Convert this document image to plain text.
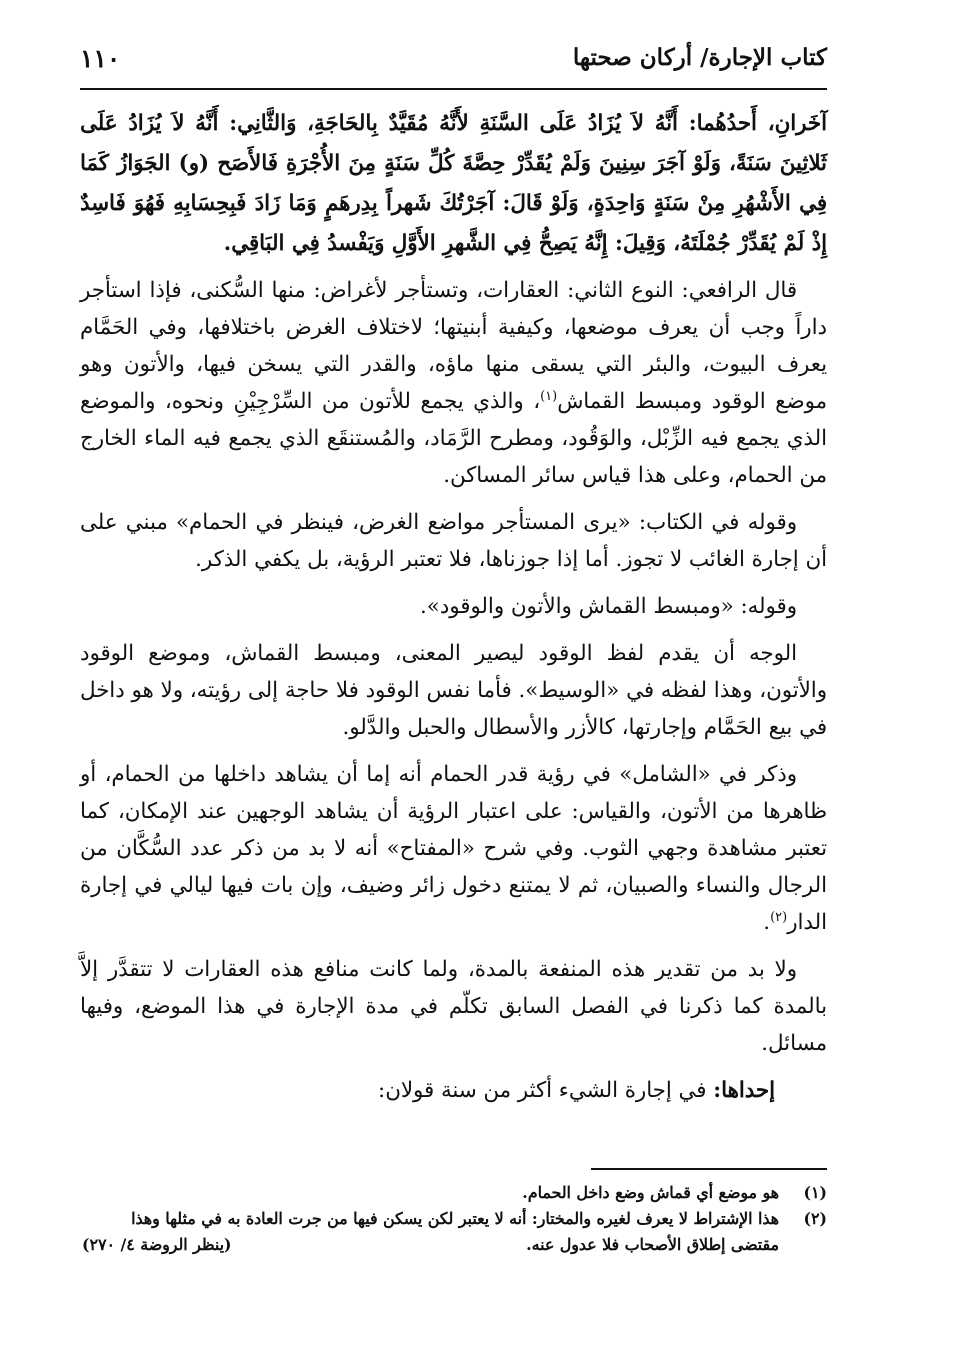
كتاب الإجارة/ أركان صحتها
١١٠

آخَرانِ، أَحدُهُما: أَنَّهُ لاَ يُزَادُ عَلَى السَّنَةِ لأَنَّهُ مُقَيَّدٌ بِالحَاجَةِ، وَالثَّانِي: أَنَّهُ لاَ يُزَادُ عَلَى ثَلاثِينَ سَنَةً، وَلَوْ آجَرَ سِنِينَ وَلَمْ يُقَدِّرْ حِصَّةَ كُلِّ سَنَةٍ مِنَ الأُجْرَةِ فَالأَصَح (و) الجَوَازُ كَمَا فِي الأَشْهُرِ مِنْ سَنَةٍ وَاحِدَةٍ، وَلَوْ قَالَ: آجَرْتُكَ شَهراً بِدِرهَمٍ وَمَا زَادَ فَبِحِسَابِهِ فَهُوَ فَاسِدٌ إِذْ لَمْ يُقَدِّرْ جُمْلَتَهُ، وَقِيلَ: إِنَّهُ يَصِحُّ فِي الشَّهرِ الأَوَّلِ وَيَفْسدُ فِي البَاقِي.

قال الرافعي: النوع الثاني: العقارات، وتستأجر لأغراض: منها السُّكنى، فإذا استأجر داراً وجب أن يعرف موضعها، وكيفية أبنيتها؛ لاختلاف الغرض باختلافها، وفي الحَمَّام يعرف البيوت، والبئر التي يسقى منها ماؤه، والقدر التي يسخن فيها، والأتون وهو موضع الوقود ومبسط القماش$^{(١)}$، والذي يجمع للأتون من السِّرْجِيْنِ ونحوه، والموضع الذي يجمع فيه الزِّبْل، والوَقُود، ومطرح الرَّمَاد، والمُستنقَع الذي يجمع فيه الماء الخارج من الحمام، وعلى هذا قياس سائر المساكن.

وقوله في الكتاب: «يرى المستأجر مواضع الغرض، فينظر في الحمام» مبني على أن إجارة الغائب لا تجوز. أما إذا جوزناها، فلا تعتبر الرؤية، بل يكفي الذكر.

وقوله: «ومبسط القماش والأتون والوقود».

الوجه أن يقدم لفظ الوقود ليصير المعنى، ومبسط القماش، وموضع الوقود والأتون، وهذا لفظه في «الوسيط». فأما نفس الوقود فلا حاجة إلى رؤيته، ولا هو داخل في بيع الحَمَّام وإجارتها، كالأزر والأسطال والحبل والدَّلو.

وذكر في «الشامل» في رؤية قدر الحمام أنه إما أن يشاهد داخلها من الحمام، أو ظاهرها من الأتون، والقياس: على اعتبار الرؤية أن يشاهد الوجهين عند الإمكان، كما تعتبر مشاهدة وجهي الثوب. وفي شرح «المفتاح» أنه لا بد من ذكر عدد السُّكَّان من الرجال والنساء والصبيان، ثم لا يمتنع دخول زائر وضيف، وإن بات فيها ليالي في إجارة الدار$^{(٢)}$.

ولا بد من تقدير هذه المنفعة بالمدة، ولما كانت منافع هذه العقارات لا تتقدَّر إلاَّ بالمدة كما ذكرنا في الفصل السابق تكلّم في مدة الإجارة في هذا الموضع، وفيها مسائل.

إحداها: في إجارة الشيء أكثر من سنة قولان:

(١)
هو موضع أي قماش وضع داخل الحمام.

(٢)
هذا الإشتراط لا يعرف لغيره والمختار: أنه لا يعتبر لكن يسكن فيها من جرت العادة به في مثلها وهذا مقتضى إطلاق الأصحاب فلا عدول عنه.
(ينظر الروضة ٤/ ٢٧٠)
